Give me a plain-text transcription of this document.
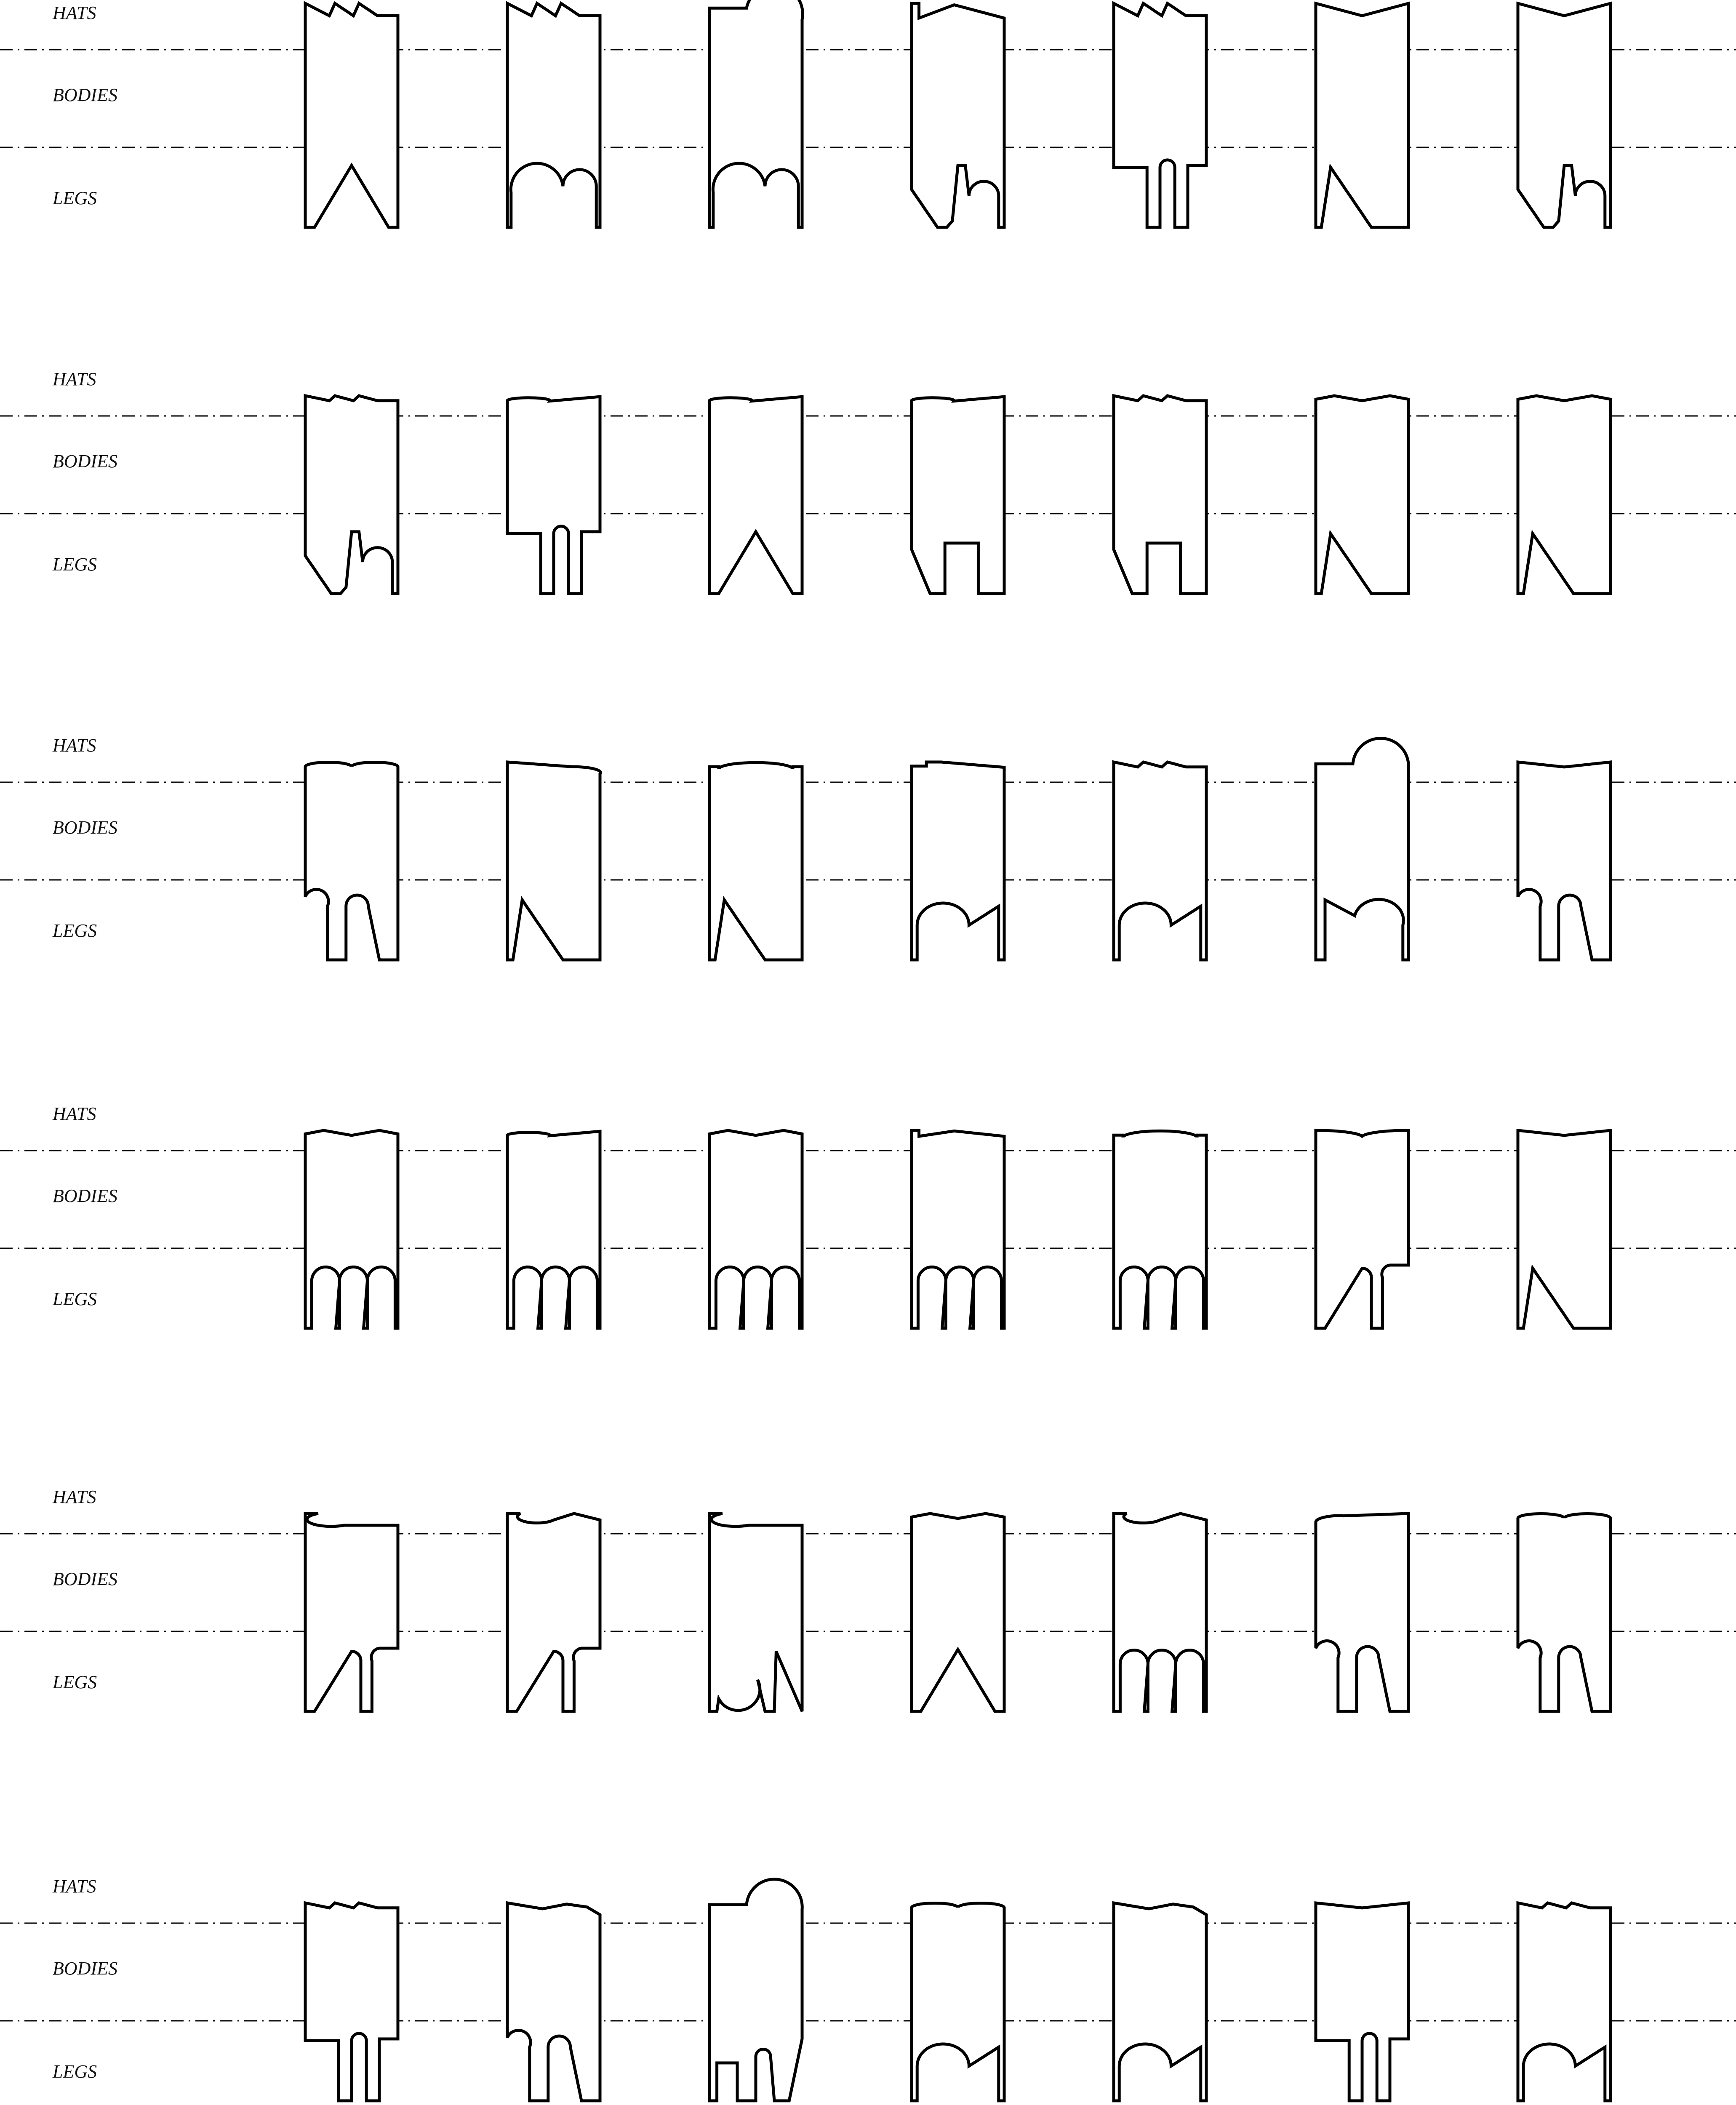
HATS
BODIES
LEGS
HATS
BODIES
LEGS
HATS
BODIES
LEGS
HATS
BODIES
LEGS
HATS
BODIES
LEGS
HATS
BODIES
LEGS
